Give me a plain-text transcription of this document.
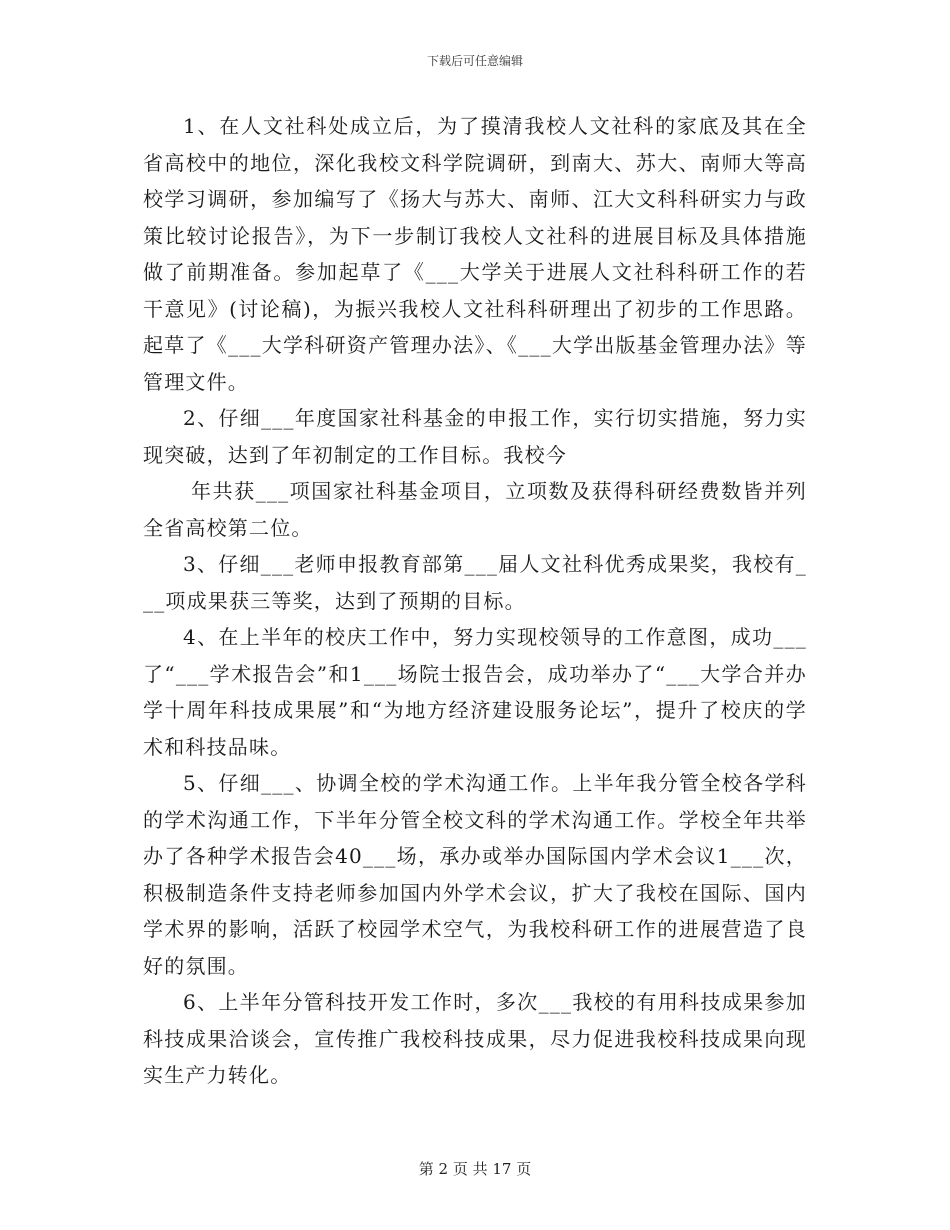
下载后可任意编辑

1、在人文社科处成立后，为了摸清我校人文社科的家底及其在全省高校中的地位，深化我校文科学院调研，到南大、苏大、南师大等高校学习调研，参加编写了《扬大与苏大、南师、江大文科科研实力与政策比较讨论报告》，为下一步制订我校人文社科的进展目标及具体措施做了前期准备。参加起草了《___大学关于进展人文社科科研工作的若干意见》(讨论稿)，为振兴我校人文社科科研理出了初步的工作思路。起草了《___大学科研资产管理办法》、《___大学出版基金管理办法》等管理文件。

2、仔细___年度国家社科基金的申报工作，实行切实措施，努力实现突破，达到了年初制定的工作目标。我校今

年共获___项国家社科基金项目，立项数及获得科研经费数皆并列全省高校第二位。

3、仔细___老师申报教育部第___届人文社科优秀成果奖，我校有___项成果获三等奖，达到了预期的目标。

4、在上半年的校庆工作中，努力实现校领导的工作意图，成功___了“___学术报告会”和1___场院士报告会，成功举办了“___大学合并办学十周年科技成果展”和“为地方经济建设服务论坛”，提升了校庆的学术和科技品味。

5、仔细___、协调全校的学术沟通工作。上半年我分管全校各学科的学术沟通工作，下半年分管全校文科的学术沟通工作。学校全年共举办了各种学术报告会40___场，承办或举办国际国内学术会议1___次，积极制造条件支持老师参加国内外学术会议，扩大了我校在国际、国内学术界的影响，活跃了校园学术空气，为我校科研工作的进展营造了良好的氛围。

6、上半年分管科技开发工作时，多次___我校的有用科技成果参加科技成果洽谈会，宣传推广我校科技成果，尽力促进我校科技成果向现实生产力转化。

第 2 页 共 17 页
